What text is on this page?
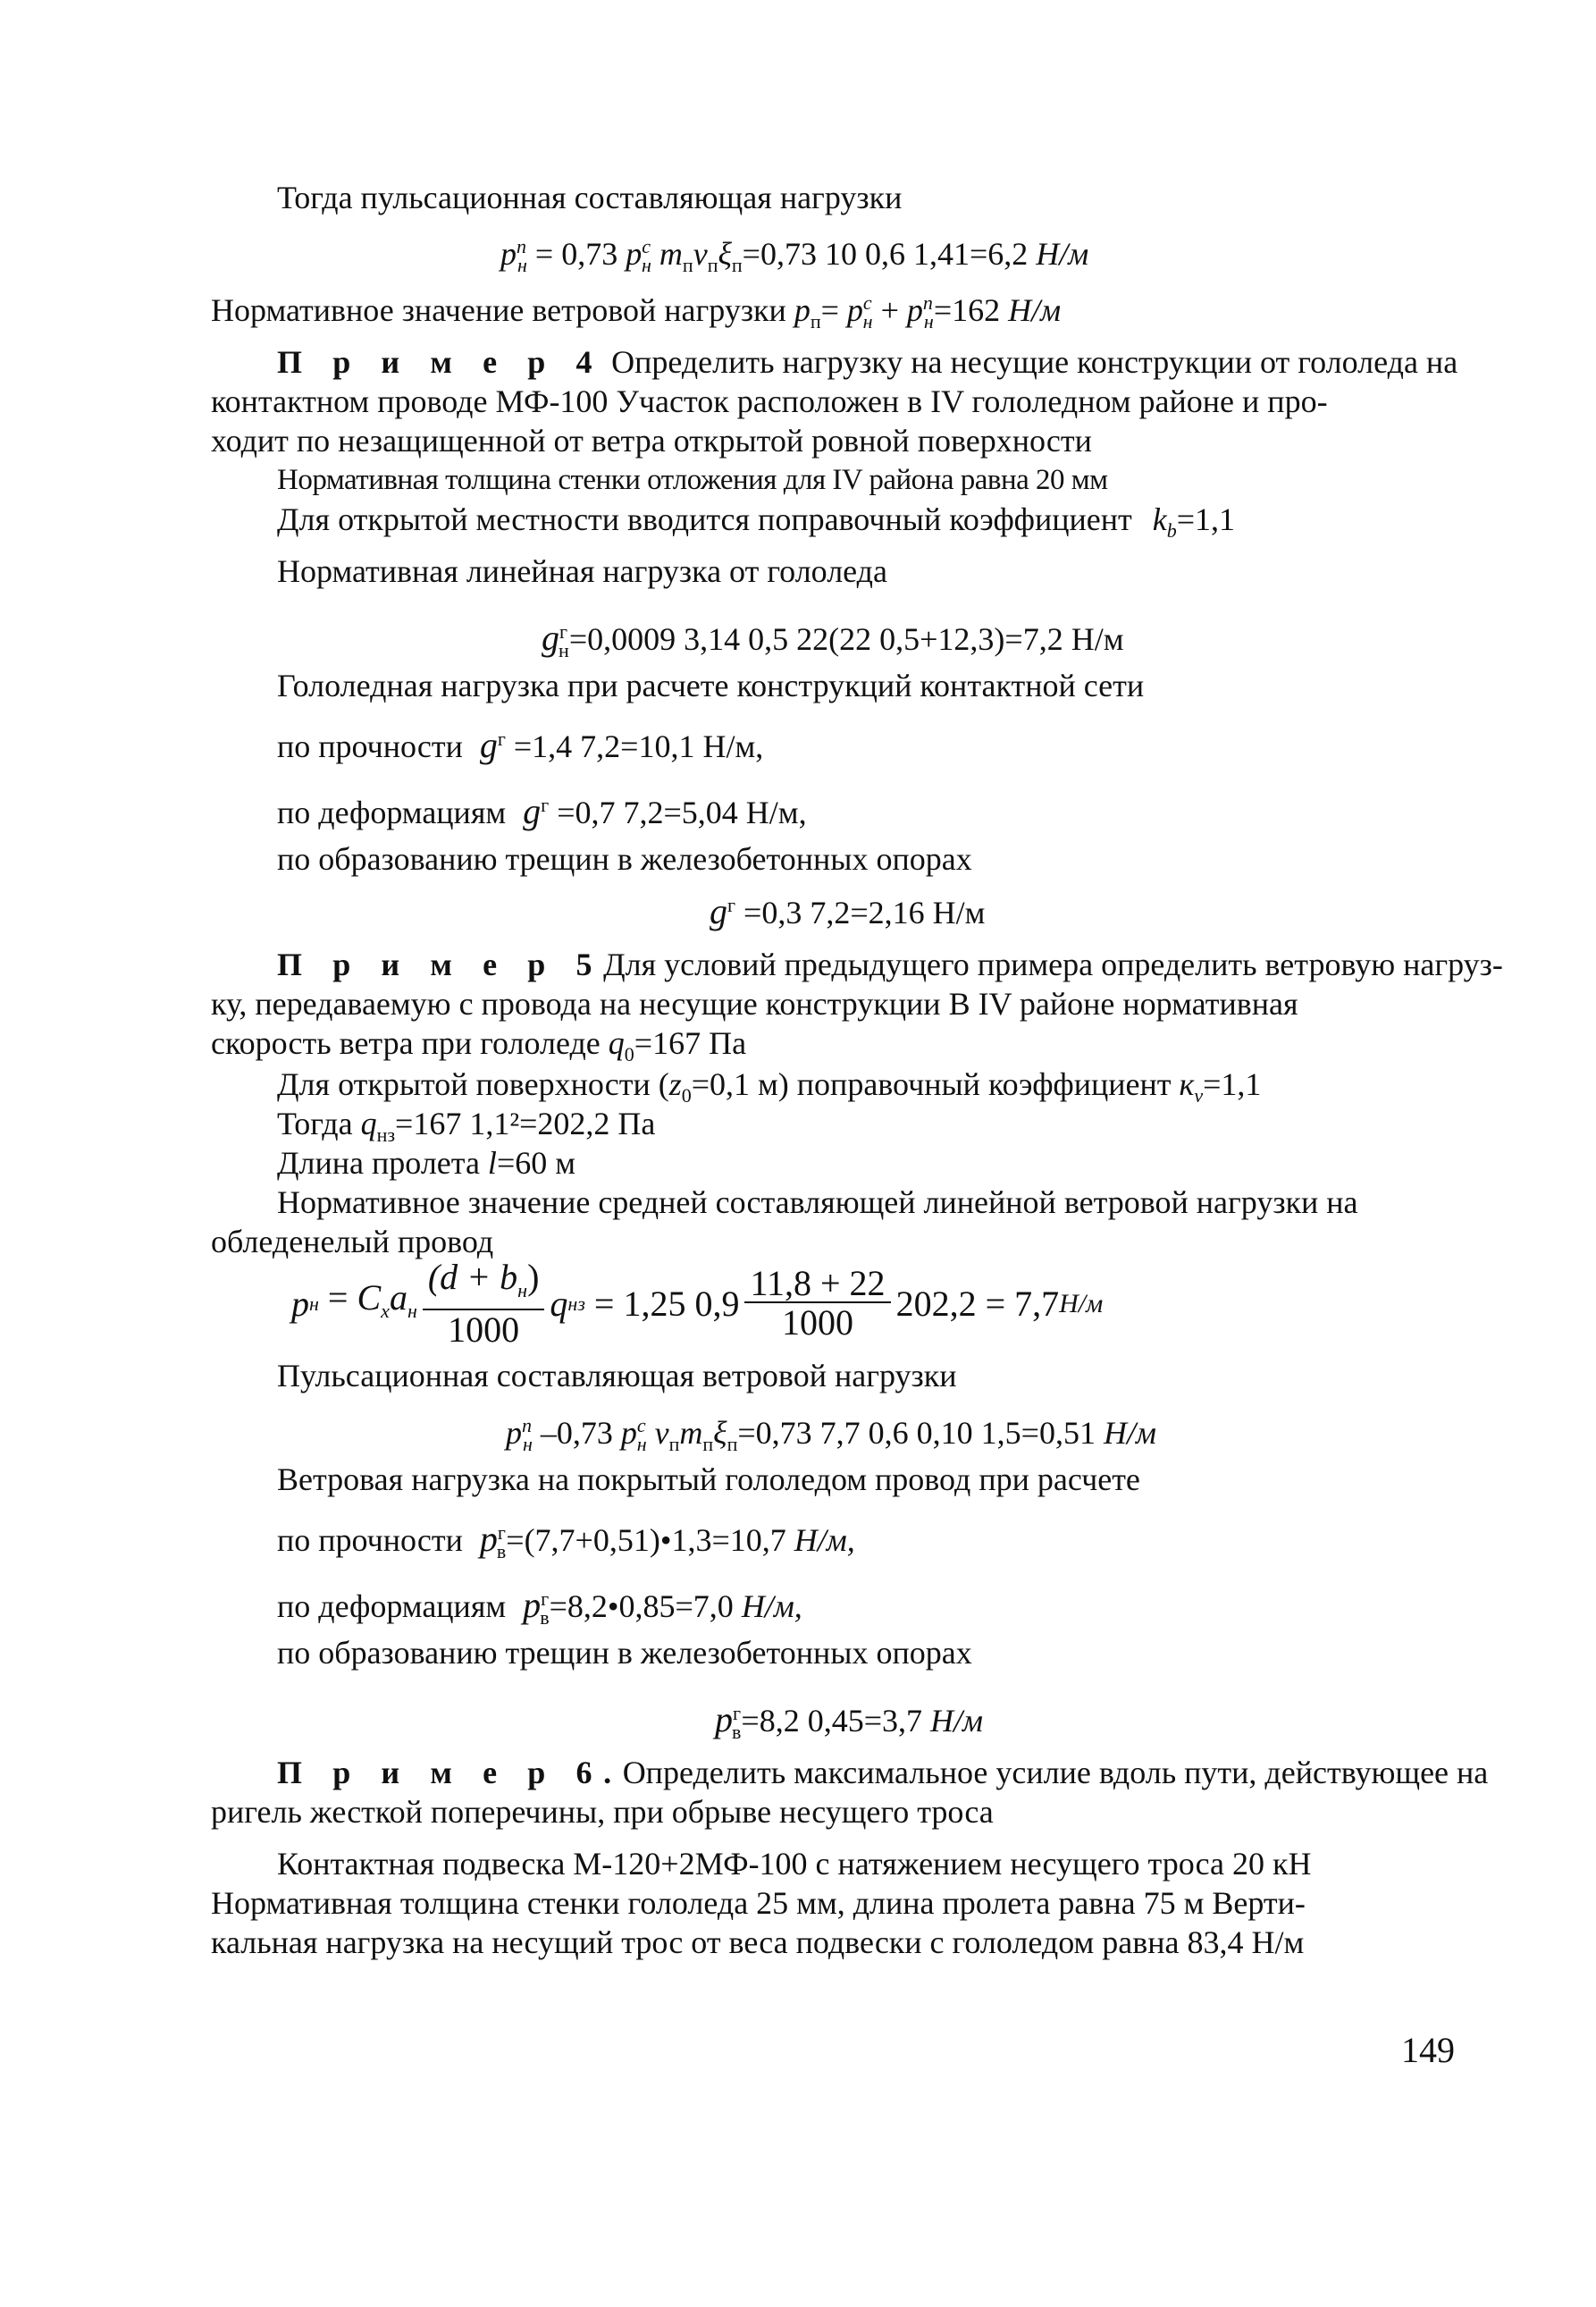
Тогда пульсационная составляющая нагрузки
$p^п_н = 0,73$ $p^с_н$ $m_п\nu_п\xi_п=0,73$ 10 0,6 1,41=6,2 Н/м
Нормативное значение ветровой нагрузки $p_п= p^с_н + p^п_н=162$ Н/м
П р и м е р 4 Определить нагрузку на несущие конструкции от гололеда на
контактном проводе МФ-100 Участок расположен в IV гололедном районе и про-
ходит по незащищенной от ветра открытой ровной поверхности
Нормативная толщина стенки отложения для IV района равна 20 мм
Для открытой местности вводится поправочный коэффициент $k_b=1,1$
Нормативная линейная нагрузка от гололеда
$g^г_н=0,0009$ 3,14 0,5 22(22 0,5+12,3)=7,2 Н/м
Гололедная нагрузка при расчете конструкций контактной сети
по прочности $g^г =1,4$ 7,2=10,1 Н/м,
по деформациям $g^г =0,7$ 7,2=5,04 Н/м,
по образованию трещин в железобетонных опорах
$g^г =0,3$ 7,2=2,16 Н/м
П р и м е р 5Для условий предыдущего примера определить ветровую нагруз-
ку, передаваемую с провода на несущие конструкции В IV районе нормативная
скорость ветра при гололеде $q_0=167$ Па
Для открытой поверхности ($z_0=0,1$ м) поправочный коэффициент $к_v=1,1$
Тогда $q_{нз}=167$ 1,1²=202,2 Па
Длина пролета l=60 м
Нормативное значение средней составляющей линейной ветровой нагрузки на
обледенелый провод
p $н = C_xa_н \frac{(d + b_н)}{1000}$ q нз = 1,25 $0,9 \frac{11,8 + 22}{1000} 202,2 = 7,7$ Н/м
Пульсационная составляющая ветровой нагрузки
$p^п_н$ –0,73 $p^с_н$ $\nu_пm_п\xi_п=0,73$ 7,7 0,6 0,10 1,5=0,51 Н/м
Ветровая нагрузка на покрытый гололедом провод при расчете
по прочности $p^г_в=(7,7+0,51)•1,3=10,7$ Н/м,
по деформациям $p^г_в=8,2•0,85=7,0$ Н/м,
по образованию трещин в железобетонных опорах
$p^г_в=8,2$ 0,45=3,7 Н/м
П р и м е р 6.Определить максимальное усилие вдоль пути, действующее на
ригель жесткой поперечины, при обрыве несущего троса
Контактная подвеска М-120+2МФ-100 с натяжением несущего троса 20 кН
Нормативная толщина стенки гололеда 25 мм, длина пролета равна 75 м Верти-
кальная нагрузка на несущий трос от веса подвески с гололедом равна 83,4 Н/м
149
